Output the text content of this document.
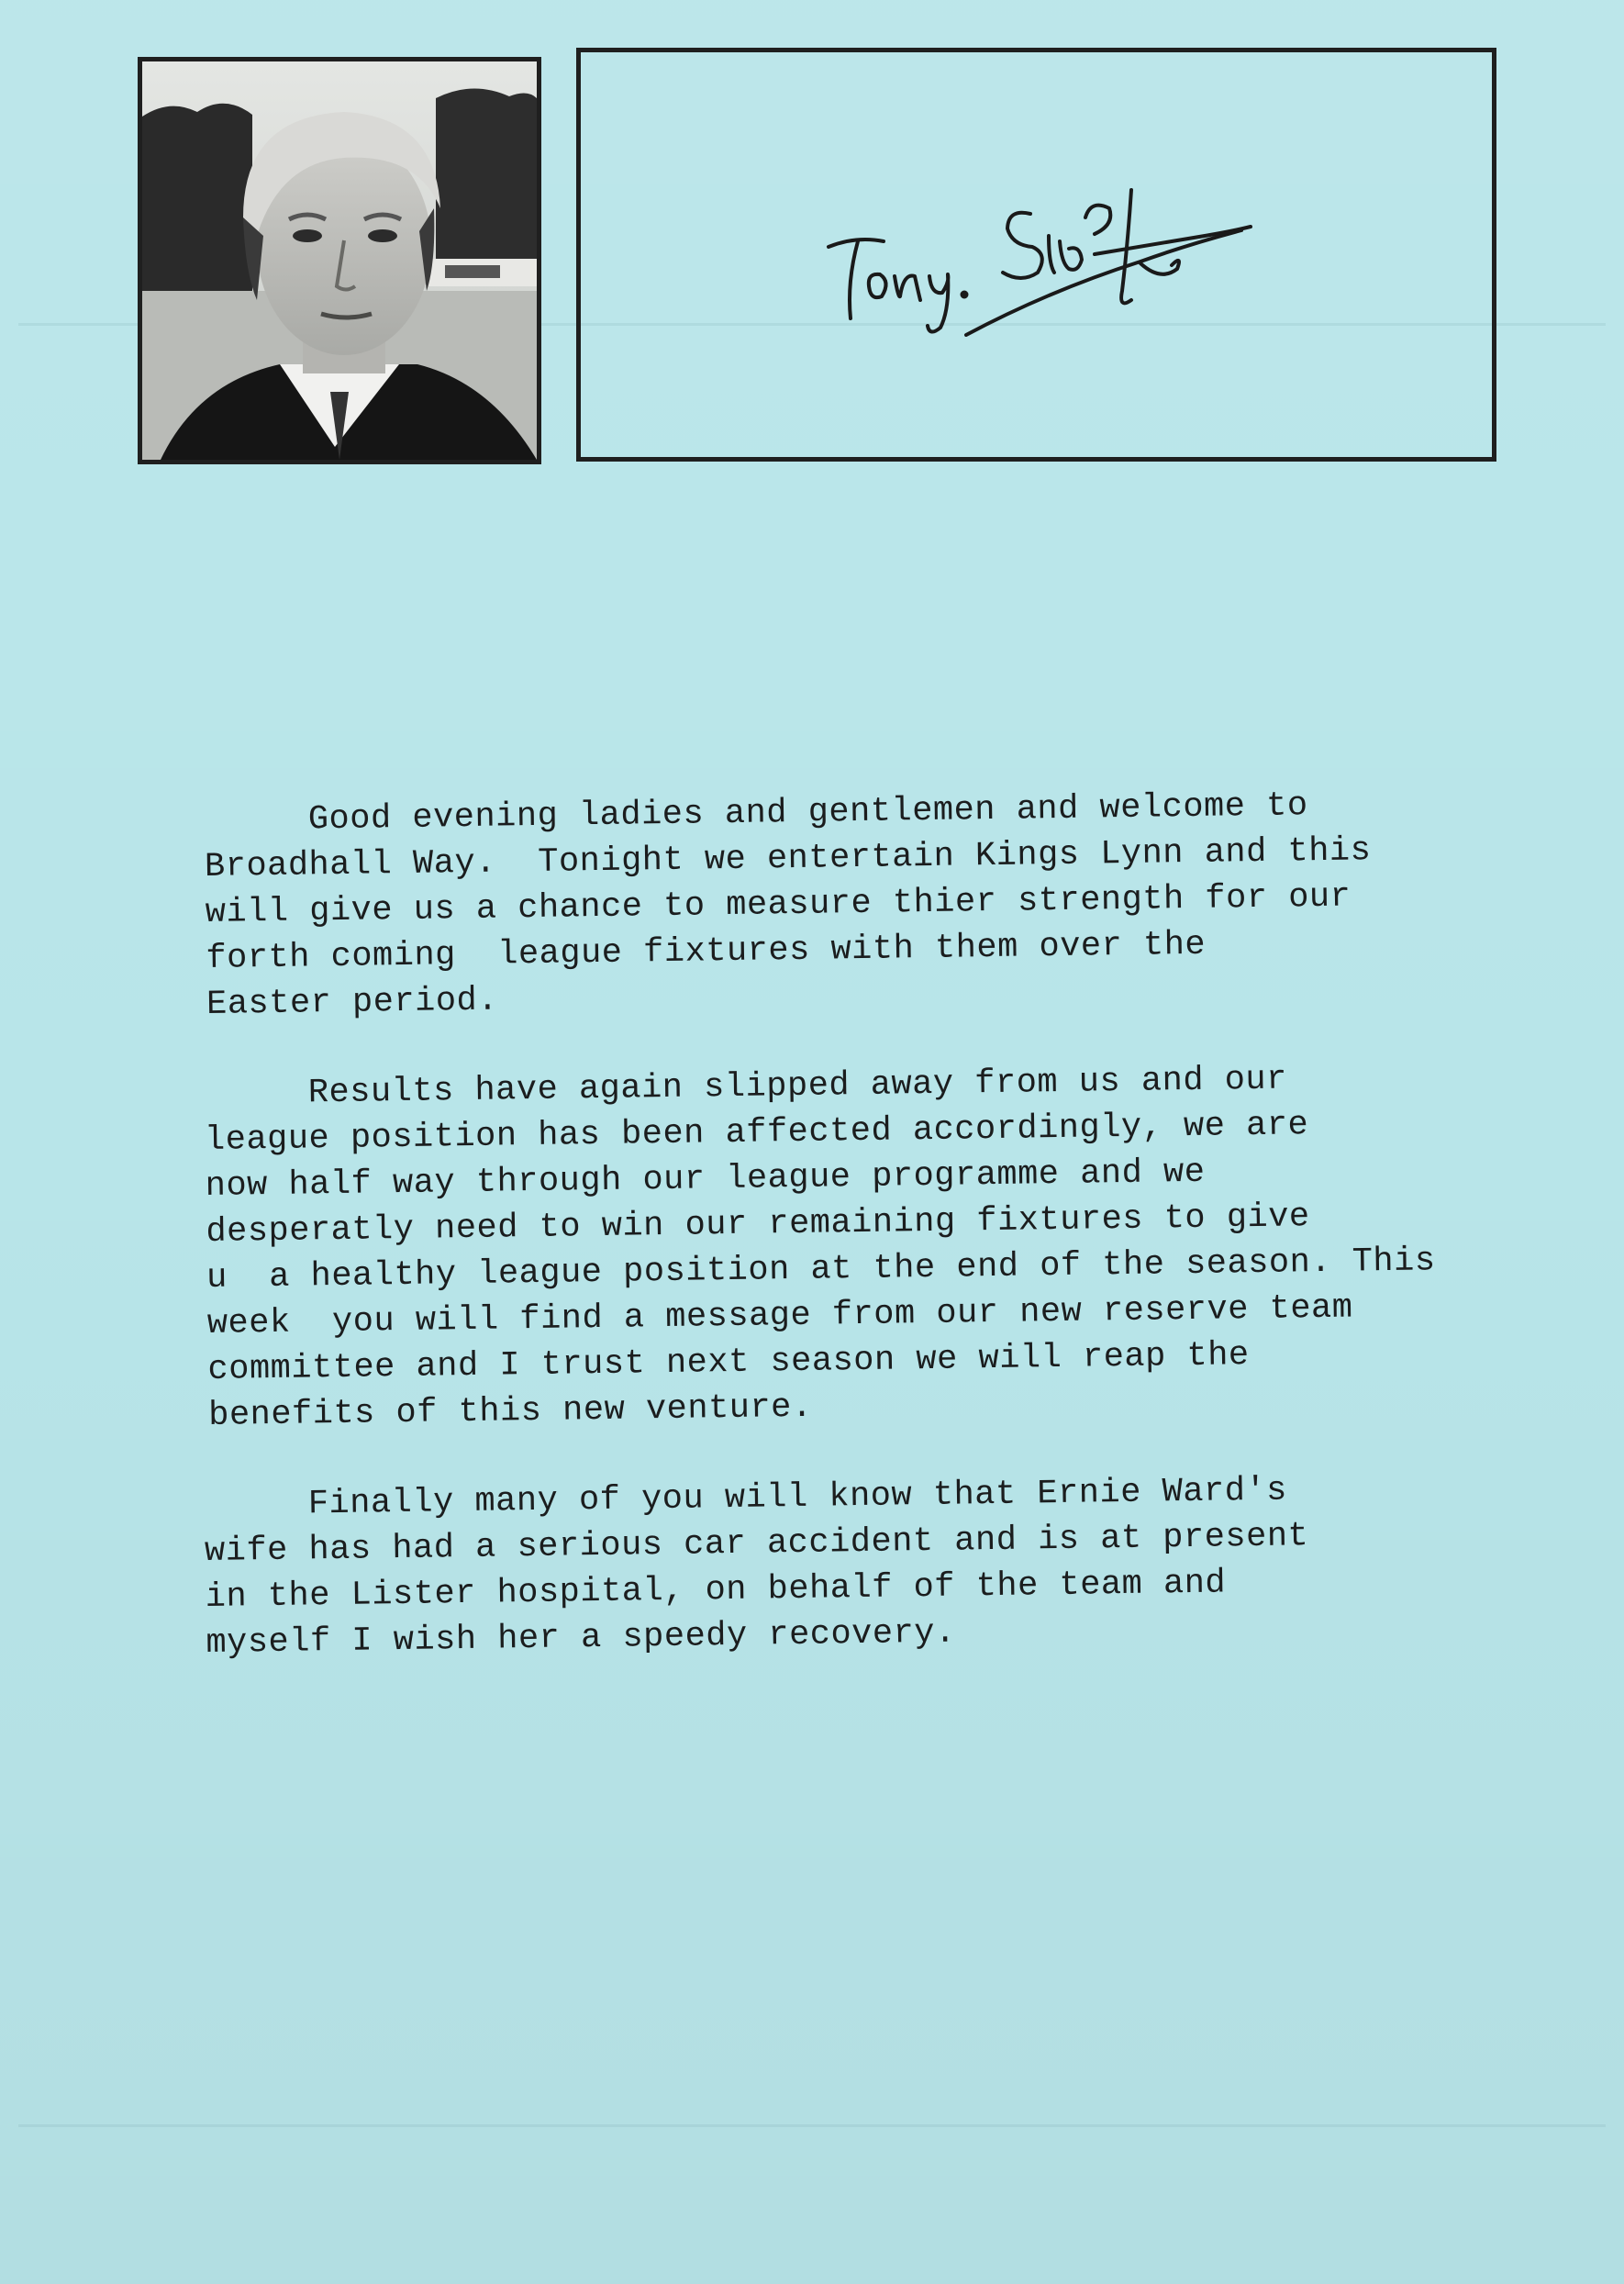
Good evening ladies and gentlemen and welcome to
Broadhall Way.  Tonight we entertain Kings Lynn and this
will give us a chance to measure thier strength for our
forth coming  league fixtures with them over the
Easter period.

Results have again slipped away from us and our
league position has been affected accordingly, we are
now half way through our league programme and we
desperatly need to win our remaining fixtures to give
u  a healthy league position at the end of the season. This
week  you will find a message from our new reserve team
committee and I trust next season we will reap the
benefits of this new venture.

Finally many of you will know that Ernie Ward's
wife has had a serious car accident and is at present
in the Lister hospital, on behalf of the team and
myself I wish her a speedy recovery.
